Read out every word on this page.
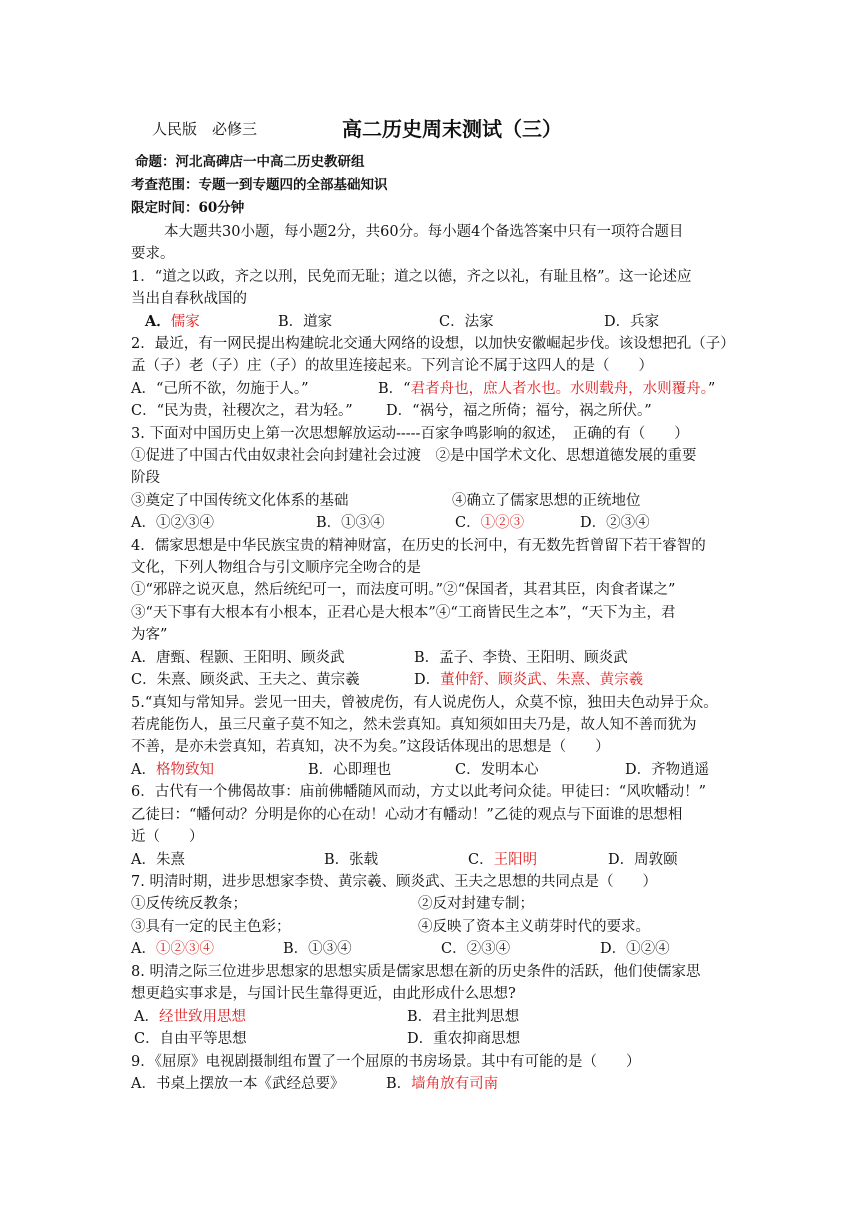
人民版　必修三	高二历史周末测试（三）
命题：河北高碑店一中高二历史教研组
考查范围：专题一到专题四的全部基础知识
限定时间：60分钟
本大题共30小题，每小题2分，共60分。每小题4个备选答案中只有一项符合题目
要求。
1．“道之以政，齐之以刑，民免而无耻；道之以德，齐之以礼，有耻且格”。这一论述应
当出自春秋战国的
A．儒家	B．道家	C．法家	D．兵家
2．最近，有一网民提出构建皖北交通大网络的设想，以加快安徽崛起步伐。该设想把孔（子）
孟（子）老（子）庄（子）的故里连接起来。下列言论不属于这四人的是（　　）
A．“己所不欲，勿施于人。”	B．“君者舟也，庶人者水也。水则载舟，水则覆舟。”
C．“民为贵，社稷次之，君为轻。” D．“祸兮，福之所倚；福兮，祸之所伏。”
3. 下面对中国历史上第一次思想解放运动-----百家争鸣影响的叙述，　正确的有（　　）
①促进了中国古代由奴隶社会向封建社会过渡　②是中国学术文化、思想道德发展的重要
阶段
③奠定了中国传统文化体系的基础	④确立了儒家思想的正统地位
A．①②③④	B．①③④	C．①②③	D．②③④
4．儒家思想是中华民族宝贵的精神财富，在历史的长河中，有无数先哲曾留下若干睿智的
文化，下列人物组合与引文顺序完全吻合的是
①“邪辟之说灭息，然后统纪可一，而法度可明。”②“保国者，其君其臣，肉食者谋之”
③“天下事有大根本有小根本，正君心是大根本”④“工商皆民生之本”，“天下为主，君
为客”
A．唐甄、程颢、王阳明、顾炎武	B．孟子、李贽、王阳明、顾炎武
C．朱熹、顾炎武、王夫之、黄宗羲	D．董仲舒、顾炎武、朱熹、黄宗羲
5.“真知与常知异。尝见一田夫，曾被虎伤，有人说虎伤人，众莫不惊，独田夫色动异于众。
若虎能伤人，虽三尺童子莫不知之，然未尝真知。真知须如田夫乃是，故人知不善而犹为
不善，是亦未尝真知，若真知，决不为矣。”这段话体现出的思想是（　　）
A．格物致知	B．心即理也	C．发明本心	D．齐物逍遥
6．古代有一个佛偈故事：庙前佛幡随风而动，方丈以此考问众徒。甲徒曰：“风吹幡动！”
乙徒曰：“幡何动？分明是你的心在动！心动才有幡动！”乙徒的观点与下面谁的思想相
近（　　）
A．朱熹	B．张载	C．王阳明	D．周敦颐
7. 明清时期，进步思想家李贽、黄宗羲、顾炎武、王夫之思想的共同点是（　　）
①反传统反教条；	②反对封建专制；
③具有一定的民主色彩；	④反映了资本主义萌芽时代的要求。
A．①②③④	B．①③④	C．②③④	D．①②④
8. 明清之际三位进步思想家的思想实质是儒家思想在新的历史条件的活跃，他们使儒家思
想更趋实事求是，与国计民生靠得更近，由此形成什么思想?
A．经世致用思想	B．君主批判思想
C．自由平等思想	D．重农抑商思想
9．《屈原》电视剧摄制组布置了一个屈原的书房场景。其中有可能的是（　　）
A．书桌上摆放一本《武经总要》	B．墙角放有司南
